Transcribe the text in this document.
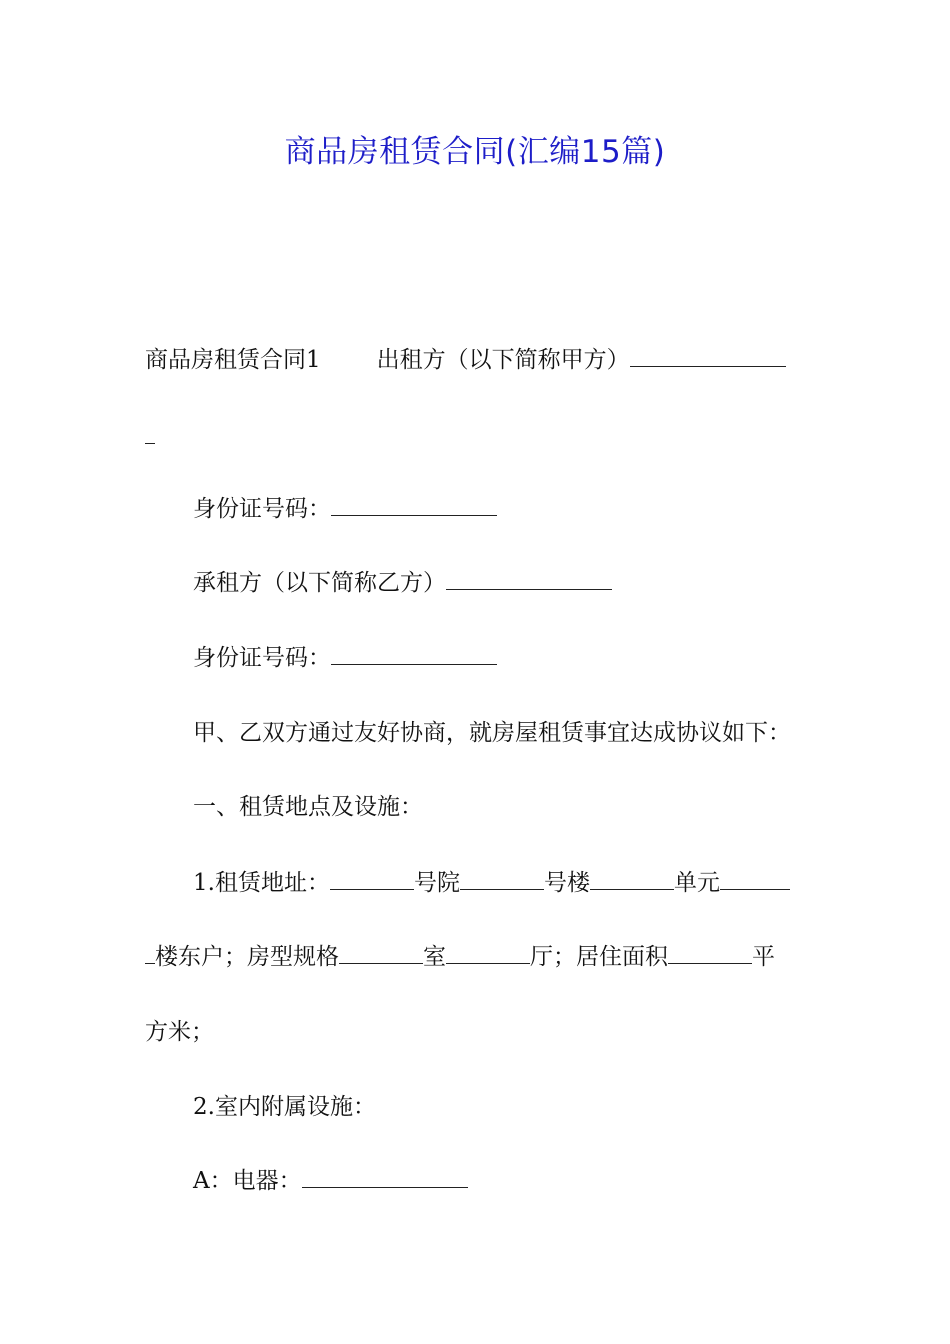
商品房租赁合同(汇编15篇)
商品房租赁合同1 出租方（以下简称甲方）
身份证号码：
承租方（以下简称乙方）
身份证号码：
甲、乙双方通过友好协商，就房屋租赁事宜达成协议如下：
一、租赁地点及设施：
1.租赁地址：	号院	号楼	单元
楼东户；房型规格	室	厅；居住面积	平
方米；
2.室内附属设施：
A：电器：
